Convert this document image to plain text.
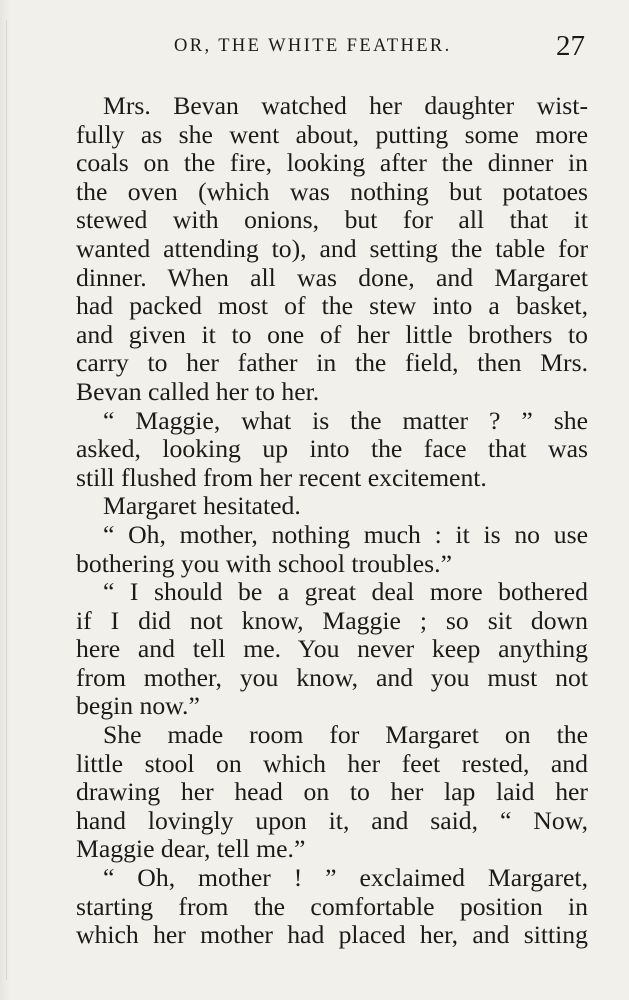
OR, THE WHITE FEATHER.	27
Mrs. Bevan watched her daughter wist-
fully as she went about, putting some more
coals on the fire, looking after the dinner in
the oven (which was nothing but potatoes
stewed with onions, but for all that it
wanted attending to), and setting the table for
dinner. When all was done, and Margaret
had packed most of the stew into a basket,
and given it to one of her little brothers to
carry to her father in the field, then Mrs.
Bevan called her to her.
“ Maggie, what is the matter ? ” she
asked, looking up into the face that was
still flushed from her recent excitement.
Margaret hesitated.
“ Oh, mother, nothing much : it is no use
bothering you with school troubles.”
“ I should be a great deal more bothered
if I did not know, Maggie ; so sit down
here and tell me. You never keep anything
from mother, you know, and you must not
begin now.”
She made room for Margaret on the
little stool on which her feet rested, and
drawing her head on to her lap laid her
hand lovingly upon it, and said, “ Now,
Maggie dear, tell me.”
“ Oh, mother ! ” exclaimed Margaret,
starting from the comfortable position in
which her mother had placed her, and sitting
